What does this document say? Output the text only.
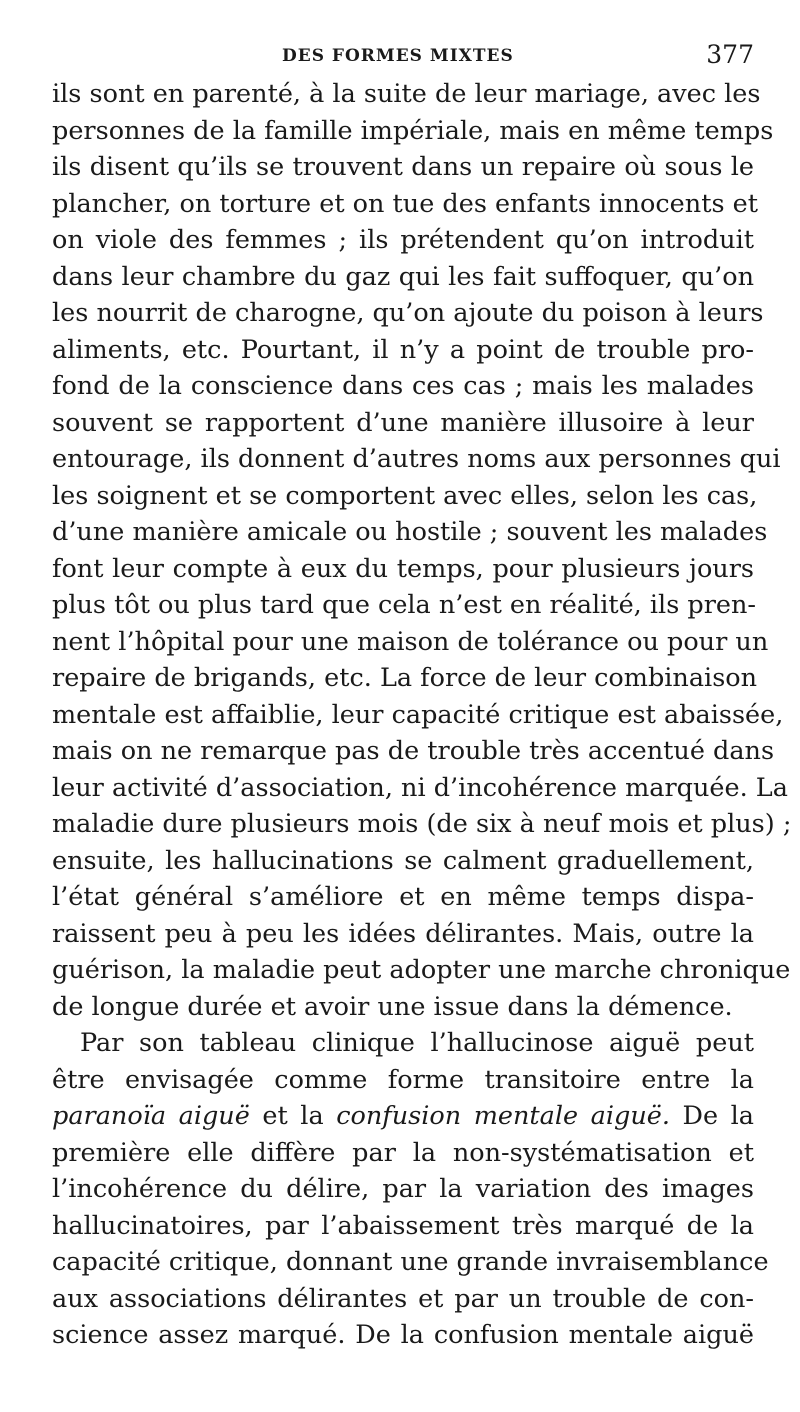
DES FORMES MIXTES	377
ils sont en parenté, à la suite de leur mariage, avec les
personnes de la famille impériale, mais en même temps
ils disent qu’ils se trouvent dans un repaire où sous le
plancher, on torture et on tue des enfants innocents et
on viole des femmes ; ils prétendent qu’on introduit
dans leur chambre du gaz qui les fait suffoquer, qu’on
les nourrit de charogne, qu’on ajoute du poison à leurs
aliments, etc. Pourtant, il n’y a point de trouble pro-
fond de la conscience dans ces cas ; mais les malades
souvent se rapportent d’une manière illusoire à leur
entourage, ils donnent d’autres noms aux personnes qui
les soignent et se comportent avec elles, selon les cas,
d’une manière amicale ou hostile ; souvent les malades
font leur compte à eux du temps, pour plusieurs jours
plus tôt ou plus tard que cela n’est en réalité, ils pren-
nent l’hôpital pour une maison de tolérance ou pour un
repaire de brigands, etc. La force de leur combinaison
mentale est affaiblie, leur capacité critique est abaissée,
mais on ne remarque pas de trouble très accentué dans
leur activité d’association, ni d’incohérence marquée. La
maladie dure plusieurs mois (de six à neuf mois et plus) ;
ensuite, les hallucinations se calment graduellement,
l’état général s’améliore et en même temps dispa-
raissent peu à peu les idées délirantes. Mais, outre la
guérison, la maladie peut adopter une marche chronique
de longue durée et avoir une issue dans la démence.
Par son tableau clinique l’hallucinose aiguë peut
être envisagée comme forme transitoire entre la
paranoïa aiguë et la confusion mentale aiguë. De la
première elle diffère par la non-systématisation et
l’incohérence du délire, par la variation des images
hallucinatoires, par l’abaissement très marqué de la
capacité critique, donnant une grande invraisemblance
aux associations délirantes et par un trouble de con-
science assez marqué. De la confusion mentale aiguë
